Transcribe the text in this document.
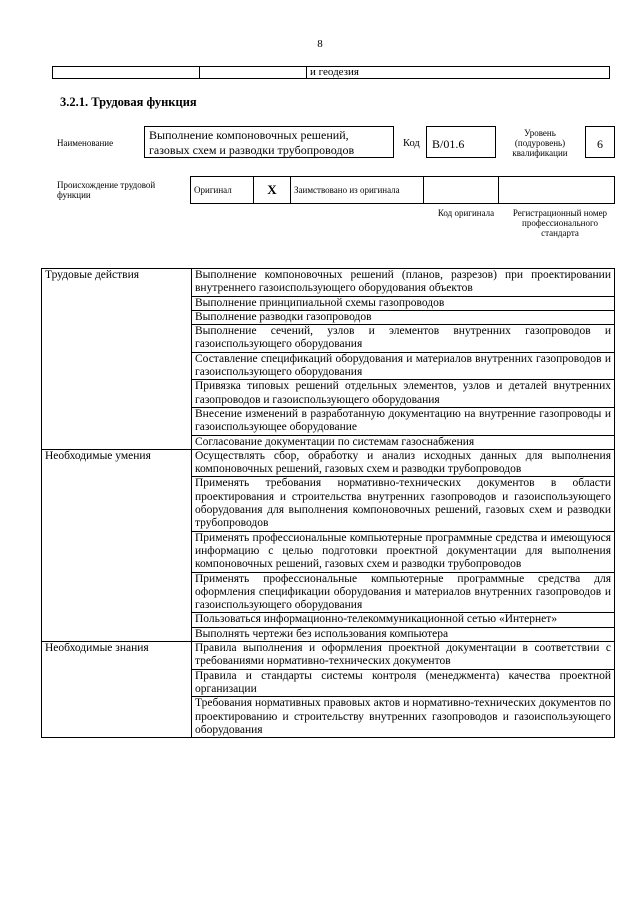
8
		и геодезия
3.2.1. Трудовая функция
Наименование
Выполнение компоновочных решений, газовых схем и разводки трубопроводов	Код	B/01.6
Уровень (подуровень) квалификации
6
Происхождение трудовой функции	Оригинал	X	Заимствовано из оригинала		
Код оригинала	Регистрационный номер профессионального стандарта
Трудовые действия	Выполнение компоновочных решений (планов, разрезов) при проектировании внутреннего газоиспользующего оборудования объектов
	Выполнение принципиальной схемы газопроводов
	Выполнение разводки газопроводов
	Выполнение сечений, узлов и элементов внутренних газопроводов и газоиспользующего оборудования
	Составление спецификаций оборудования и материалов внутренних газопроводов и газоиспользующего оборудования
	Привязка типовых решений отдельных элементов, узлов и деталей внутренних газопроводов и газоиспользующего оборудования
	Внесение изменений в разработанную документацию на внутренние газопроводы и газоиспользующее оборудование
	Согласование документации по системам газоснабжения
Необходимые умения	Осуществлять сбор, обработку и анализ исходных данных для выполнения компоновочных решений, газовых схем и разводки трубопроводов
	Применять требования нормативно-технических документов в области проектирования и строительства внутренних газопроводов и газоиспользующего оборудования для выполнения компоновочных решений, газовых схем и разводки трубопроводов
	Применять профессиональные компьютерные программные средства и имеющуюся информацию с целью подготовки проектной документации для выполнения компоновочных решений, газовых схем и разводки трубопроводов
	Применять профессиональные компьютерные программные средства для оформления спецификации оборудования и материалов внутренних газопроводов и газоиспользующего оборудования
	Пользоваться информационно-телекоммуникационной сетью «Интернет»
	Выполнять чертежи без использования компьютера
Необходимые знания	Правила выполнения и оформления проектной документации в соответствии с требованиями нормативно-технических документов
	Правила и стандарты системы контроля (менеджмента) качества проектной организации
	Требования нормативных правовых актов и нормативно-технических документов по проектированию и строительству внутренних газопроводов и газоиспользующего оборудования
